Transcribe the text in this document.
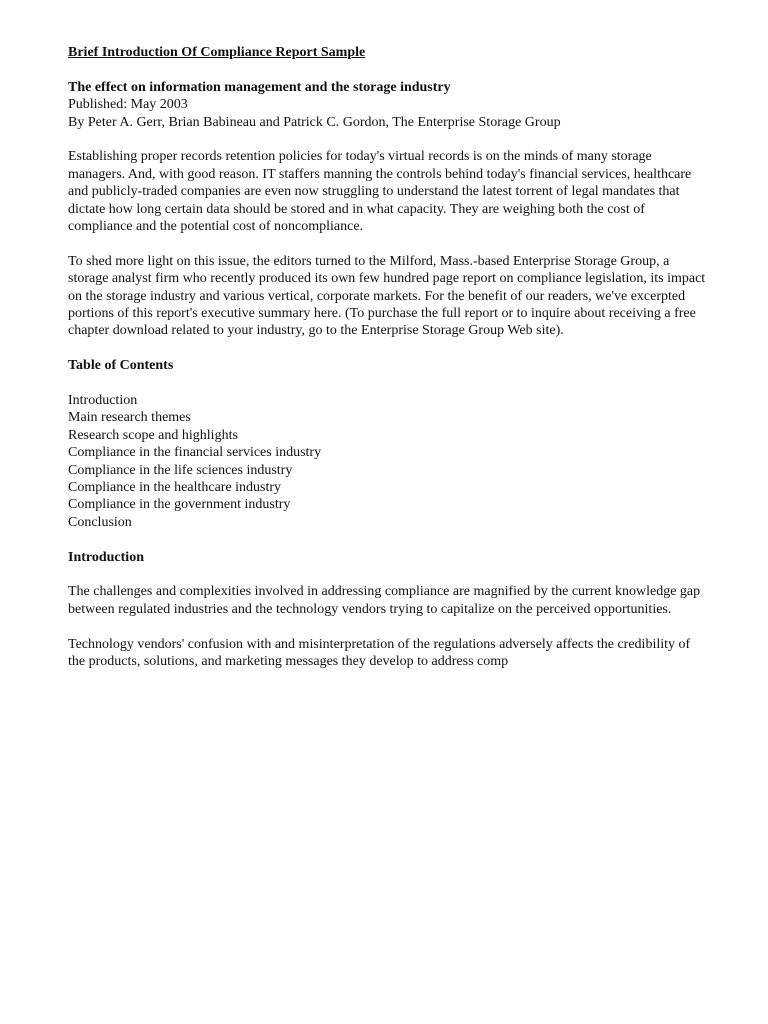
Brief Introduction Of Compliance Report Sample

The effect on information management and the storage industry

Published: May 2003

By Peter A. Gerr, Brian Babineau and Patrick C. Gordon, The Enterprise Storage Group

Establishing proper records retention policies for today's virtual records is on the minds of many storage managers. And, with good reason. IT staffers manning the controls behind today's financial services, healthcare and publicly-traded companies are even now struggling to understand the latest torrent of legal mandates that dictate how long certain data should be stored and in what capacity. They are weighing both the cost of compliance and the potential cost of noncompliance.

To shed more light on this issue, the editors turned to the Milford, Mass.-based Enterprise Storage Group, a storage analyst firm who recently produced its own few hundred page report on compliance legislation, its impact on the storage industry and various vertical, corporate markets. For the benefit of our readers, we've excerpted portions of this report's executive summary here. (To purchase the full report or to inquire about receiving a free chapter download related to your industry, go to the Enterprise Storage Group Web site).

Table of Contents

Introduction
Main research themes
Research scope and highlights
Compliance in the financial services industry
Compliance in the life sciences industry
Compliance in the healthcare industry
Compliance in the government industry
Conclusion

Introduction

The challenges and complexities involved in addressing compliance are magnified by the current knowledge gap between regulated industries and the technology vendors trying to capitalize on the perceived opportunities.

Technology vendors' confusion with and misinterpretation of the regulations adversely affects the credibility of the products, solutions, and marketing messages they develop to address comp
